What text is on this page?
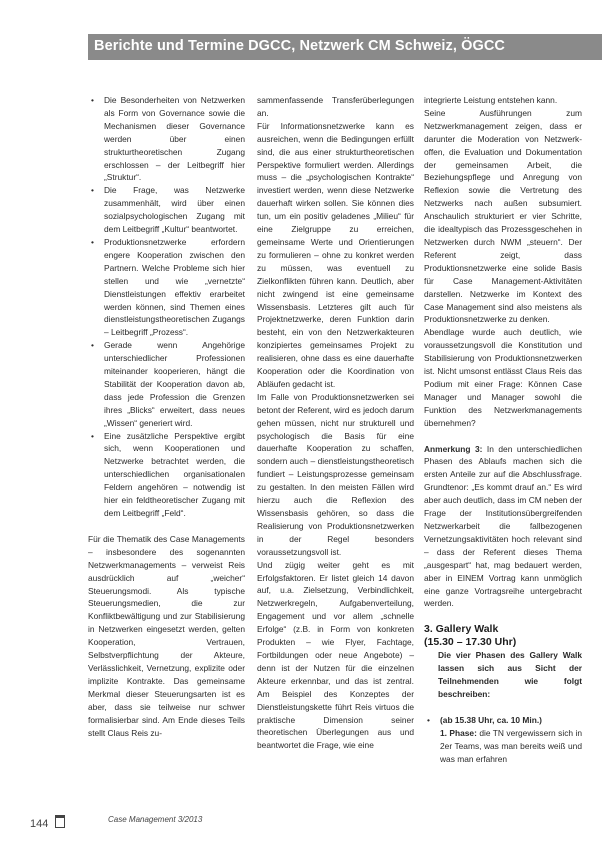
Berichte und Termine DGCC, Netzwerk CM Schweiz, ÖGCC
• Die Besonderheiten von Netzwerken als Form von Governance sowie die Mechanismen dieser Governance werden über einen strukturtheoretischen Zugang erschlossen – der Leitbegriff hier „Struktur“.
• Die Frage, was Netzwerke zusammenhält, wird über einen sozialpsychologischen Zugang mit dem Leitbegriff „Kultur“ beantwortet.
• Produktionsnetzwerke erfordern engere Kooperation zwischen den Partnern. Welche Probleme sich hier stellen und wie „vernetzte“ Dienstleistungen effektiv erarbeitet werden können, sind Themen eines dienstleistungstheoretischen Zugangs – Leitbegriff „Prozess“.
• Gerade wenn Angehörige unterschiedlicher Professionen miteinander kooperieren, hängt die Stabilität der Kooperation davon ab, dass jede Profession die Grenzen ihres „Blicks“ erweitert, dass neues „Wissen“ generiert wird.
• Eine zusätzliche Perspektive ergibt sich, wenn Kooperationen und Netzwerke betrachtet werden, die unterschiedlichen organisationalen Feldern angehören – notwendig ist hier ein feldtheoretischer Zugang mit dem Leitbegriff „Feld“.

Für die Thematik des Case Managements – insbesondere des sogenannten Netzwerkmanagements – verweist Reis ausdrücklich auf „weicher“ Steuerungsmodi. Als typische Steuerungsmedien, die zur Konfliktbewältigung und zur Stabilisierung in Netzwerken eingesetzt werden, gelten Kooperation, Vertrauen, Selbstverpflichtung der Akteure, Verlässlichkeit, Vernetzung, explizite oder implizite Kontrakte. Das gemeinsame Merkmal dieser Steuerungsarten ist es aber, dass sie teilweise nur schwer formalisierbar sind. Am Ende dieses Teils stellt Claus Reis zu-

sammenfassende Transferüberlegungen an.

Für Informationsnetzwerke kann es ausreichen, wenn die Bedingungen erfüllt sind, die aus einer strukturtheoretischen Perspektive formuliert werden. Allerdings muss – die „psychologischen Kontrakte“ investiert werden, wenn diese Netzwerke dauerhaft wirken sollen. Sie können dies tun, um ein positiv geladenes „Milieu“ für eine Zielgruppe zu erreichen, gemeinsame Werte und Orientierungen zu formulieren – ohne zu konkret werden zu müssen, was eventuell zu Zielkonflikten führen kann. Deutlich, aber nicht zwingend ist eine gemeinsame Wissensbasis. Letzteres gilt auch für Projektnetzwerke, deren Funktion darin besteht, ein von den Netzwerkakteuren konzipiertes gemeinsames Projekt zu realisieren, ohne dass es eine dauerhafte Kooperation oder die Koordination von Abläufen gedacht ist.

Im Falle von Produktionsnetzwerken sei betont der Referent, wird es jedoch darum gehen müssen, nicht nur strukturell und psychologisch die Basis für eine dauerhafte Kooperation zu schaffen, sondern auch – dienstleistungstheoretisch fundiert – Leistungsprozesse gemeinsam zu gestalten. In den meisten Fällen wird hierzu auch die Reflexion des Wissensbasis gehören, so dass die Realisierung von Produktionsnetzwerken in der Regel besonders voraussetzungsvoll ist.

Und zügig weiter geht es mit Erfolgsfaktoren. Er listet gleich 14 davon auf, u.a. Zielsetzung, Verbindlichkeit, Netzwerkregeln, Aufgabenverteilung, Engagement und vor allem „schnelle Erfolge“ (z.B. in Form von konkreten Produkten – wie Flyer, Fachtage, Fortbildungen oder neue Angebote) – denn ist der Nutzen für die einzelnen Akteure erkennbar, und das ist zentral. Am Beispiel des Konzeptes der Dienstleistungskette führt Reis virtuos die praktische Dimension seiner theoretischen Überlegungen aus und beantwortet die Frage, wie eine

integrierte Leistung entstehen kann.

Seine Ausführungen zum Netzwerkmanagement zeigen, dass er darunter die Moderation von Netzwerk-offen, die Evaluation und Dokumentation der gemeinsamen Arbeit, die Beziehungspflege und Anregung von Reflexion sowie die Vertretung des Netzwerks nach außen subsumiert. Anschaulich strukturiert er vier Schritte, die idealtypisch das Prozessgeschehen in Netzwerken durch NWM „steuern“. Der Referent zeigt, dass Produktionsnetzwerke eine solide Basis für Case Management-Aktivitäten darstellen. Netzwerke im Kontext des Case Management sind also meistens als Produktionsnetzwerke zu denken.

Abendlage wurde auch deutlich, wie voraussetzungsvoll die Konstitution und Stabilisierung von Produktionsnetzwerken ist. Nicht umsonst entlässt Claus Reis das Podium mit einer Frage: Können Case Manager und Manager sowohl die Funktion des Netzwerkmanagements übernehmen?

Anmerkung 3: In den unterschiedlichen Phasen des Ablaufs machen sich die ersten Anteile zur auf die Abschlussfrage. Grundtenor: „Es kommt drauf an.“ Es wird aber auch deutlich, dass im CM neben der Frage der Institutionsübergreifenden Netzwerkarbeit die fallbezogenen Vernetzungsaktivitäten hoch relevant sind – dass der Referent dieses Thema „ausgespart“ hat, mag bedauert werden, aber in EINEM Vortrag kann unmöglich eine ganze Vortragsreihe untergebracht werden.

3. Gallery Walk

(15.30 – 17.30 Uhr)

Die vier Phasen des Gallery Walk lassen sich aus Sicht der Teilnehmenden wie folgt beschreiben:

• (ab 15.38 Uhr, ca. 10 Min.)
1. Phase: die TN vergewissern sich in 2er Teams, was man bereits weiß und was man erfahren
144	Case Management 3/2013
